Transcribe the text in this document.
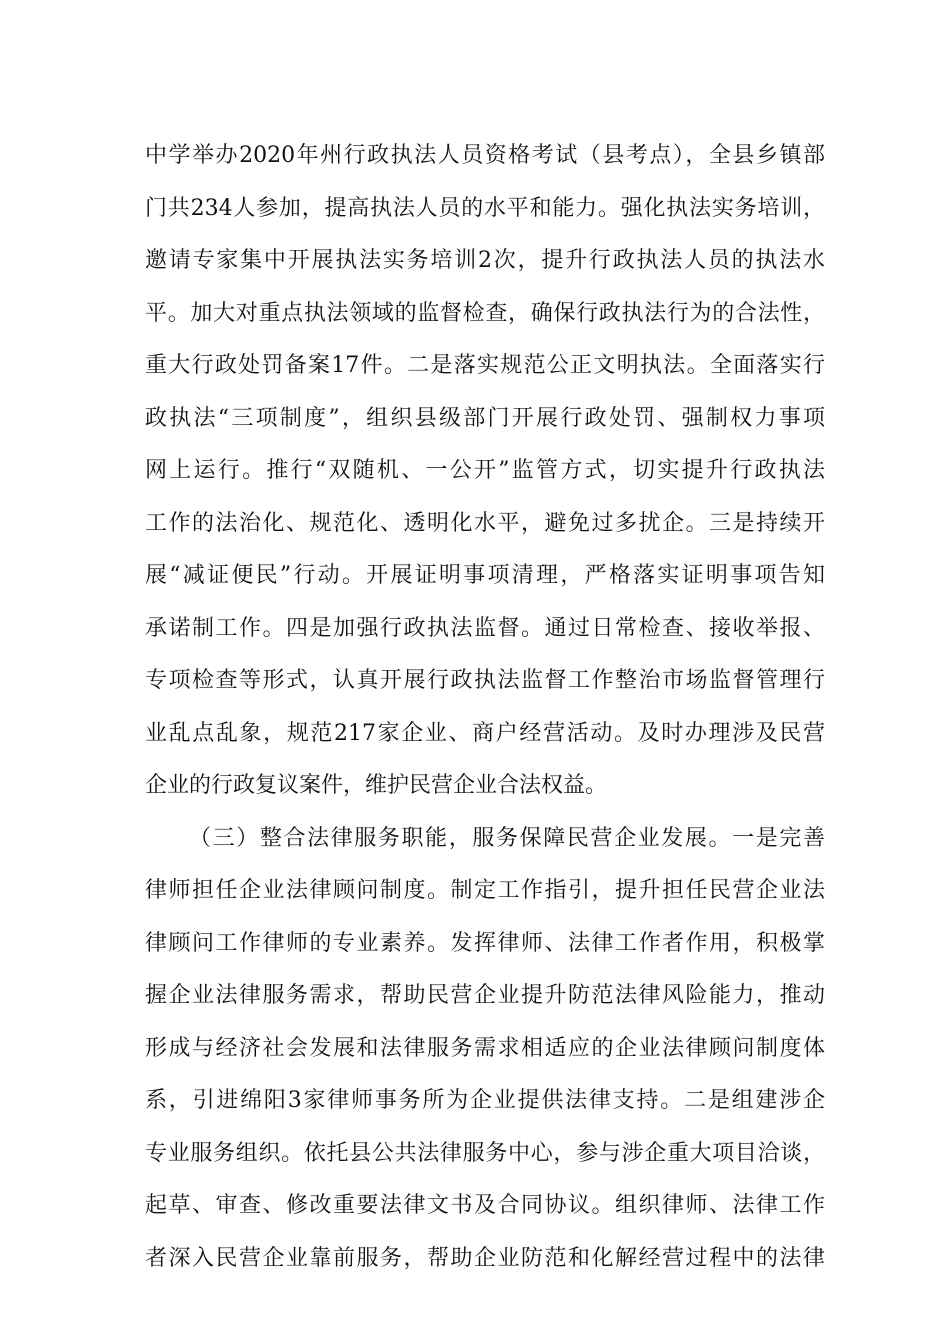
中学举办2020年州行政执法人员资格考试（县考点），全县乡镇部
门共234人参加，提高执法人员的水平和能力。强化执法实务培训，
邀请专家集中开展执法实务培训2次，提升行政执法人员的执法水
平。加大对重点执法领域的监督检查，确保行政执法行为的合法性，
重大行政处罚备案17件。二是落实规范公正文明执法。全面落实行
政执法“三项制度”，组织县级部门开展行政处罚、强制权力事项
网上运行。推行“双随机、一公开”监管方式，切实提升行政执法
工作的法治化、规范化、透明化水平，避免过多扰企。三是持续开
展“减证便民”行动。开展证明事项清理，严格落实证明事项告知
承诺制工作。四是加强行政执法监督。通过日常检查、接收举报、
专项检查等形式，认真开展行政执法监督工作整治市场监督管理行
业乱点乱象，规范217家企业、商户经营活动。及时办理涉及民营
企业的行政复议案件，维护民营企业合法权益。
（三）整合法律服务职能，服务保障民营企业发展。一是完善
律师担任企业法律顾问制度。制定工作指引，提升担任民营企业法
律顾问工作律师的专业素养。发挥律师、法律工作者作用，积极掌
握企业法律服务需求，帮助民营企业提升防范法律风险能力，推动
形成与经济社会发展和法律服务需求相适应的企业法律顾问制度体
系，引进绵阳3家律师事务所为企业提供法律支持。二是组建涉企
专业服务组织。依托县公共法律服务中心，参与涉企重大项目洽谈，
起草、审查、修改重要法律文书及合同协议。组织律师、法律工作
者深入民营企业靠前服务，帮助企业防范和化解经营过程中的法律
